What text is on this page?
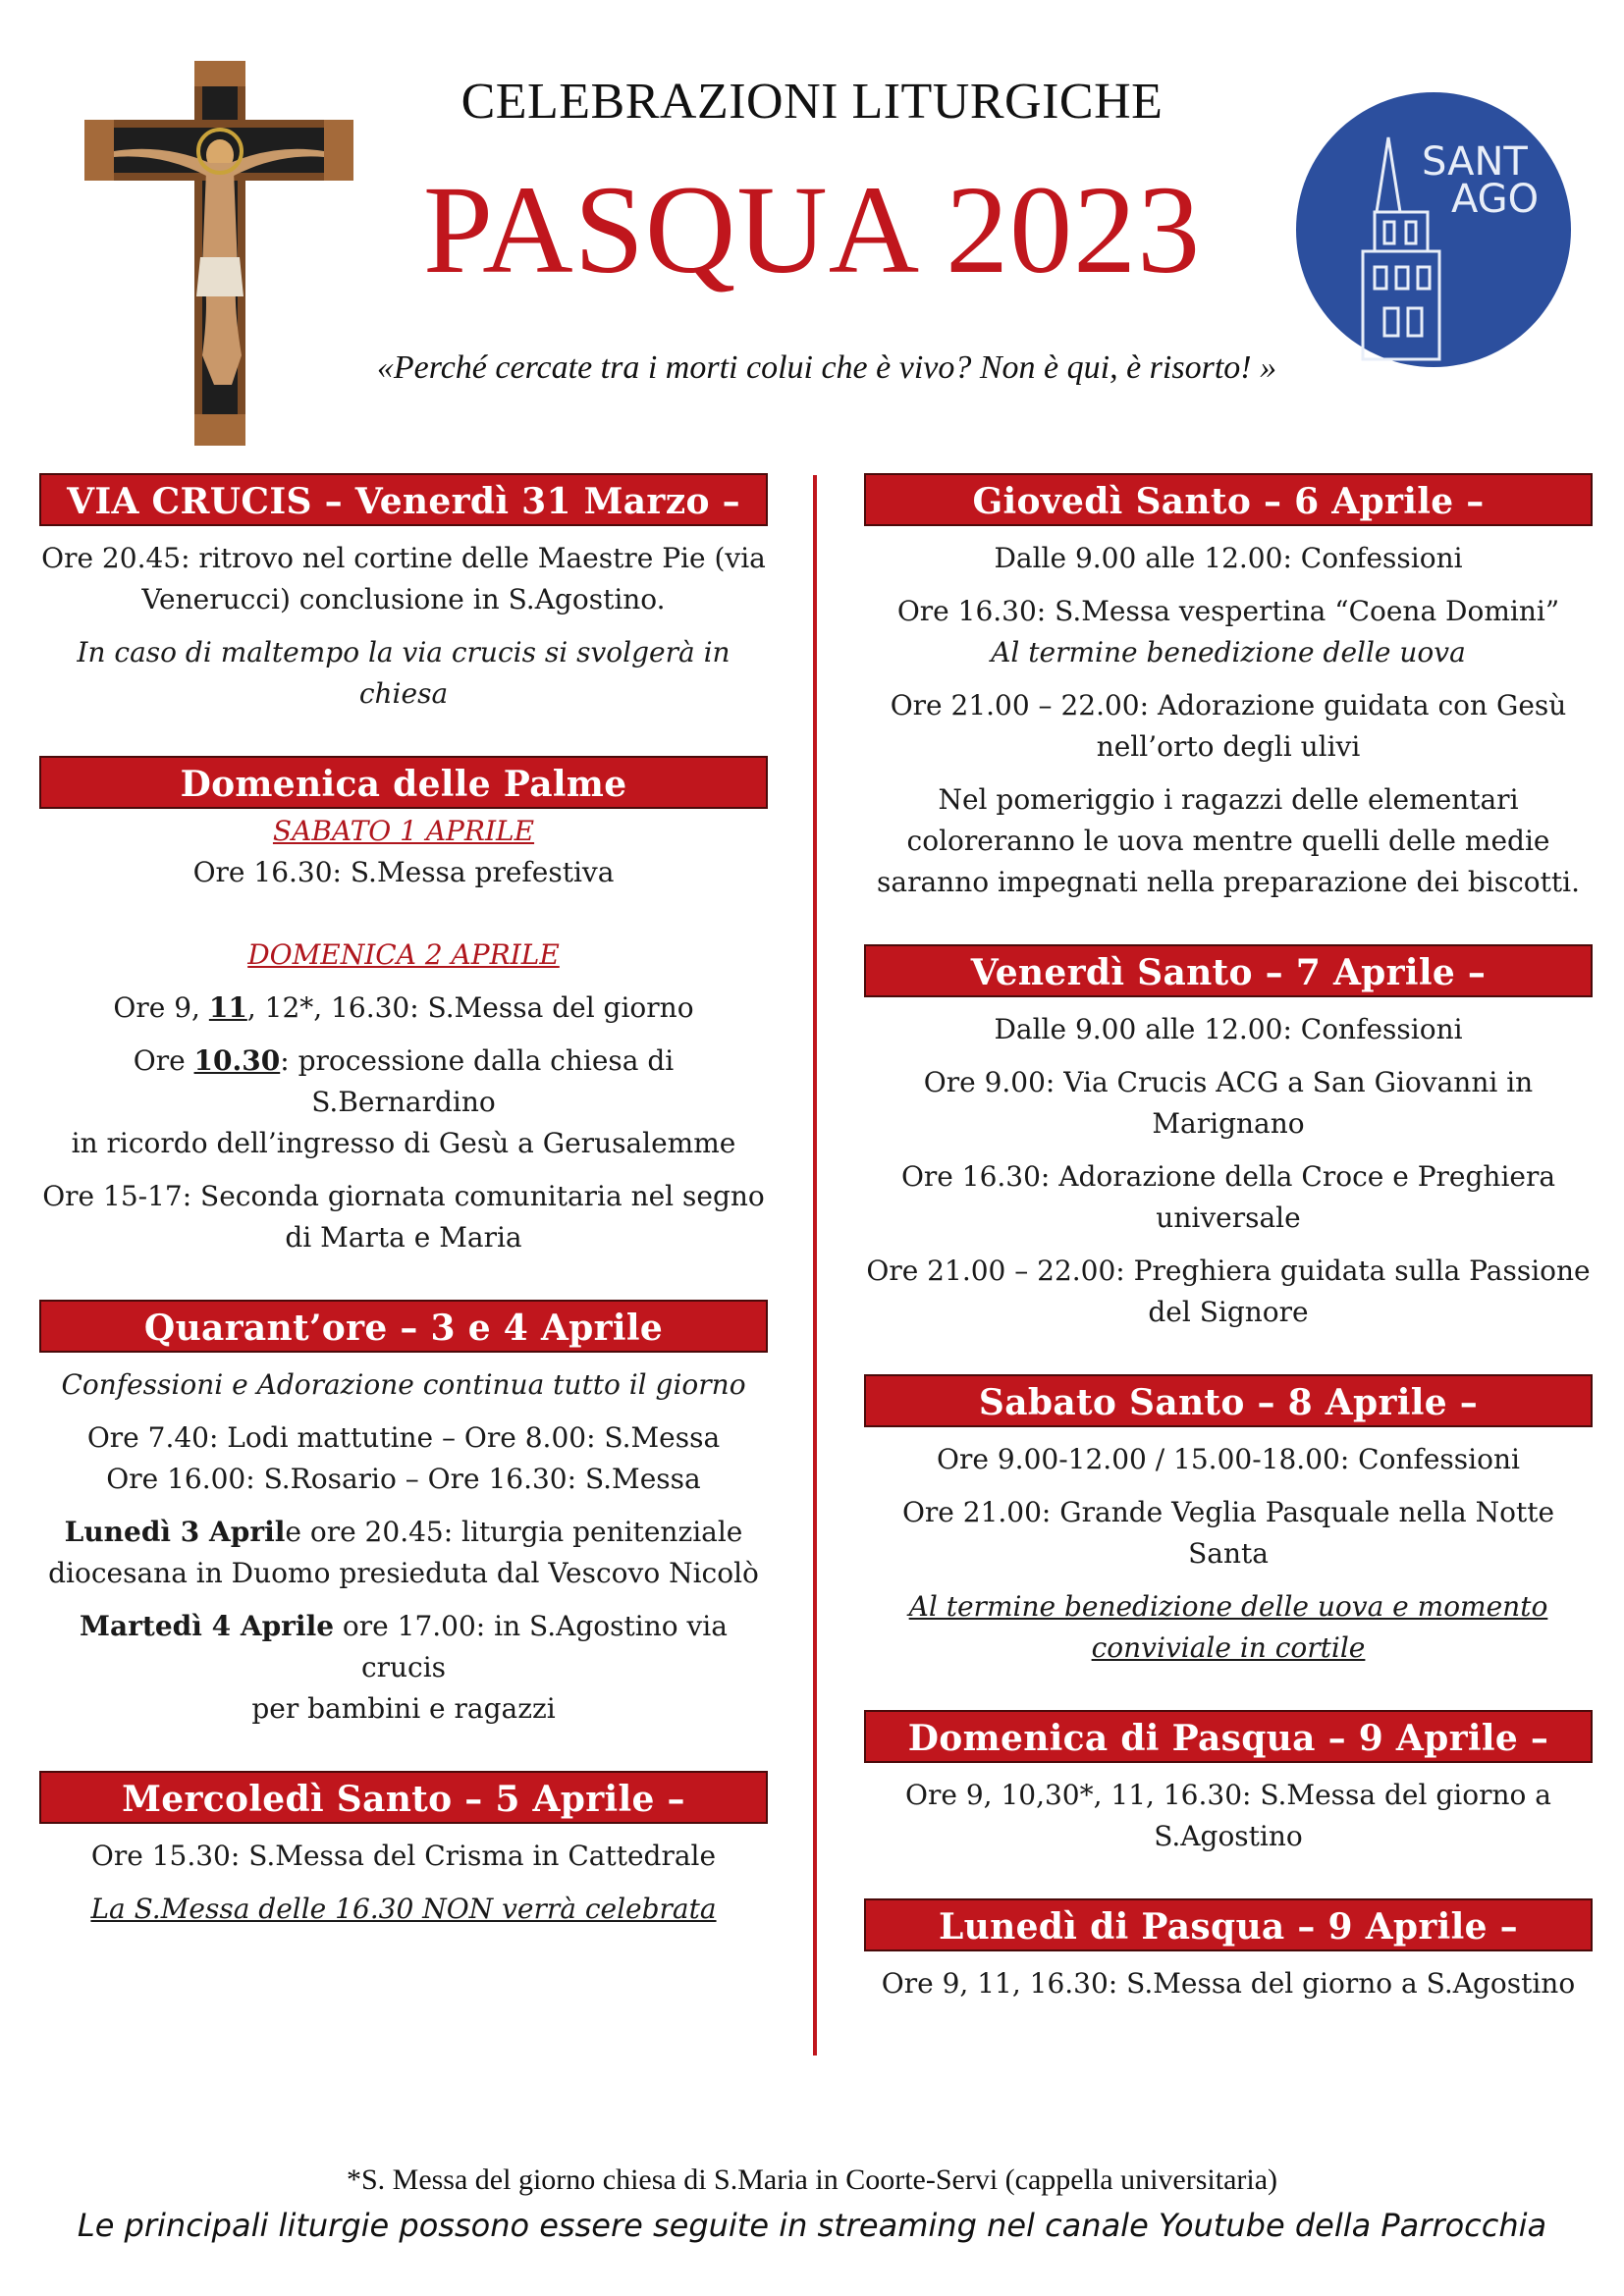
CELEBRAZIONI LITURGICHE
PASQUA 2023	SANT
AGO
«Perché cercate tra i morti colui che è vivo? Non è qui, è risorto! »
VIA CRUCIS – Venerdì 31 Marzo –
Ore 20.45: ritrovo nel cortine delle Maestre Pie (via
Venerucci) conclusione in S.Agostino.
In caso di maltempo la via crucis si svolgerà in chiesa
Domenica delle Palme
SABATO 1 APRILE
Ore 16.30: S.Messa prefestiva
DOMENICA 2 APRILE
Ore 9, 11, 12*, 16.30: S.Messa del giorno
Ore 10.30: processione dalla chiesa di S.Bernardino
in ricordo dell’ingresso di Gesù a Gerusalemme
Ore 15-17: Seconda giornata comunitaria nel segno
di Marta e Maria
Quarant’ore – 3 e 4 Aprile
Confessioni e Adorazione continua tutto il giorno
Ore 7.40: Lodi mattutine – Ore 8.00: S.Messa
Ore 16.00: S.Rosario – Ore 16.30: S.Messa
Lunedì 3 Aprile ore 20.45: liturgia penitenziale
diocesana in Duomo presieduta dal Vescovo Nicolò
Martedì 4 Aprile ore 17.00: in S.Agostino via crucis
per bambini e ragazzi
Mercoledì Santo – 5 Aprile –
Ore 15.30: S.Messa del Crisma in Cattedrale
La S.Messa delle 16.30 NON verrà celebrata
Giovedì Santo – 6 Aprile –
Dalle 9.00 alle 12.00: Confessioni
Ore 16.30: S.Messa vespertina “Coena Domini”
Al termine benedizione delle uova
Ore 21.00 – 22.00: Adorazione guidata con Gesù
nell’orto degli ulivi
Nel pomeriggio i ragazzi delle elementari
coloreranno le uova mentre quelli delle medie
saranno impegnati nella preparazione dei biscotti.
Venerdì Santo – 7 Aprile –
Dalle 9.00 alle 12.00: Confessioni
Ore 9.00: Via Crucis ACG a San Giovanni in
Marignano
Ore 16.30: Adorazione della Croce e Preghiera
universale
Ore 21.00 – 22.00: Preghiera guidata sulla Passione
del Signore
Sabato Santo – 8 Aprile –
Ore 9.00-12.00 / 15.00-18.00: Confessioni
Ore 21.00: Grande Veglia Pasquale nella Notte
Santa
Al termine benedizione delle uova e momento
conviviale in cortile
Domenica di Pasqua – 9 Aprile –
Ore 9, 10,30*, 11, 16.30: S.Messa del giorno a
S.Agostino
Lunedì di Pasqua – 9 Aprile –
Ore 9, 11, 16.30: S.Messa del giorno a S.Agostino
*S. Messa del giorno chiesa di S.Maria in Coorte-Servi (cappella universitaria)
Le principali liturgie possono essere seguite in streaming nel canale Youtube della Parrocchia
